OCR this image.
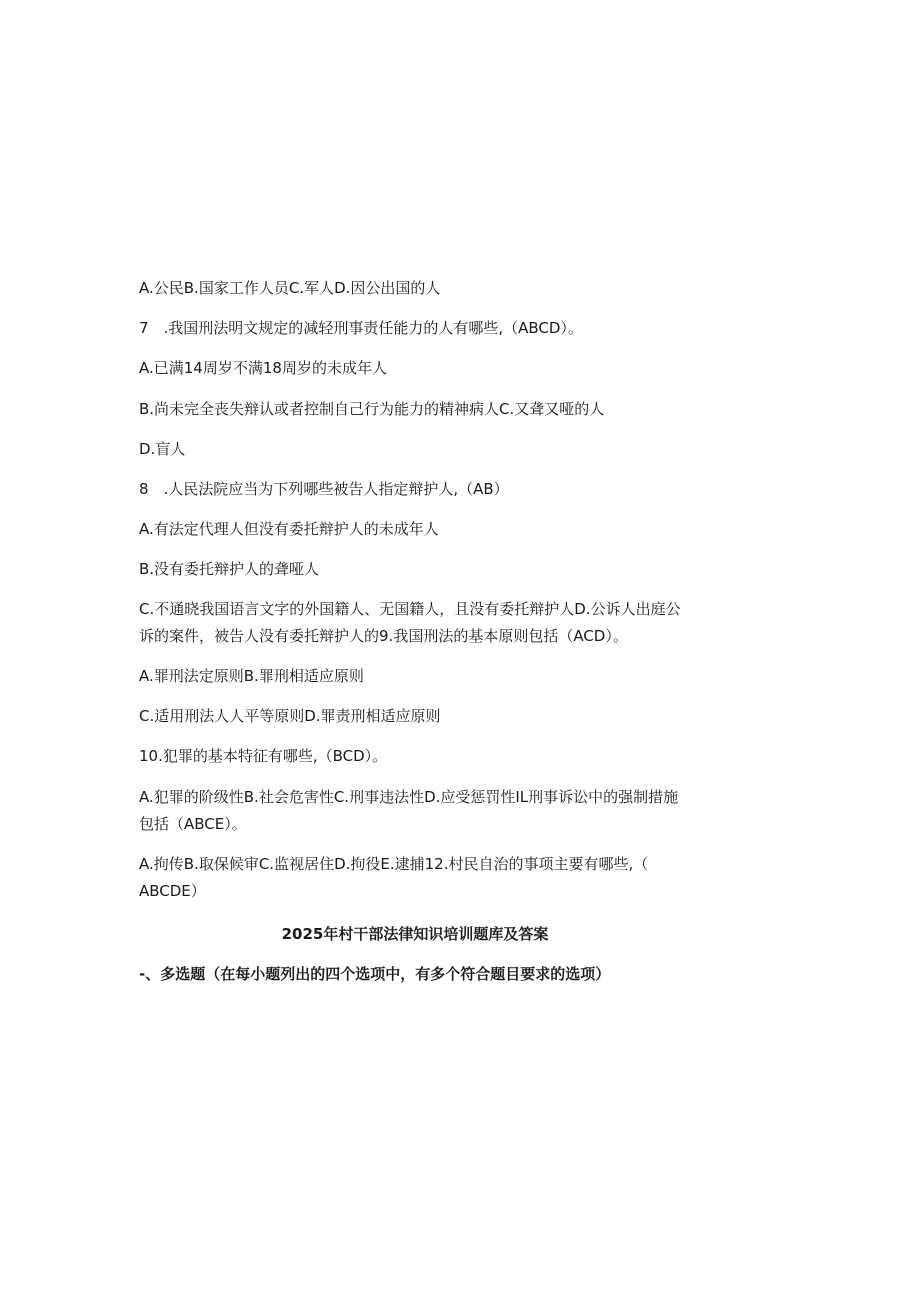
A.公民B.国家工作人员C.军人D.因公出国的人
7　.我国刑法明文规定的减轻刑事责任能力的人有哪些,（ABCD）。
A.已满14周岁不满18周岁的未成年人
B.尚未完全丧失辩认或者控制自己行为能力的精神病人C.又聋又哑的人
D.盲人
8　.人民法院应当为下列哪些被告人指定辩护人,（AB）
A.有法定代理人但没有委托辩护人的未成年人
B.没有委托辩护人的聋哑人
C.不通晓我国语言文字的外国籍人、无国籍人，且没有委托辩护人D.公诉人出庭公
诉的案件，被告人没有委托辩护人的9.我国刑法的基本原则包括（ACD）。
A.罪刑法定原则B.罪刑相适应原则
C.适用刑法人人平等原则D.罪责刑相适应原则
10.犯罪的基本特征有哪些,（BCD）。
A.犯罪的阶级性B.社会危害性C.刑事违法性D.应受惩罚性IL刑事诉讼中的强制措施
包括（ABCE）。
A.拘传B.取保候审C.监视居住D.拘役E.逮捕12.村民自治的事项主要有哪些,（
ABCDE）
2025年村干部法律知识培训题库及答案
-、多选题（在每小题列出的四个选项中，有多个符合题目要求的选项）
